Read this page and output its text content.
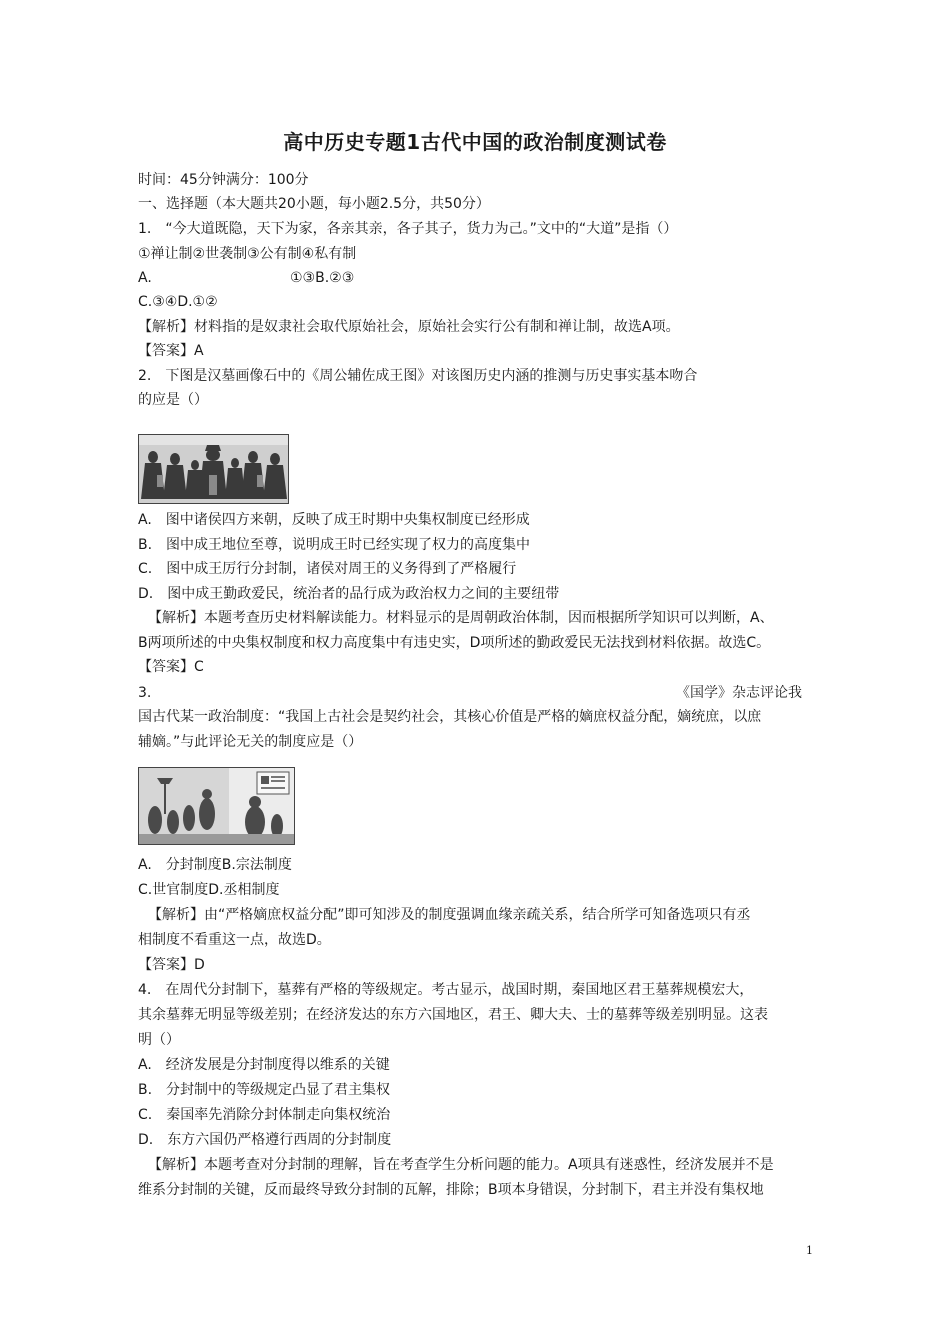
高中历史专题1古代中国的政治制度测试卷
时间：45分钟满分：100分
一、选择题（本大题共20小题，每小题2.5分，共50分）
1.　“今大道既隐，天下为家，各亲其亲，各子其子，货力为己。”文中的“大道”是指（）
①禅让制②世袭制③公有制④私有制
A.	①③B.②③
C.③④D.①②
【解析】材料指的是奴隶社会取代原始社会，原始社会实行公有制和禅让制，故选A项。
【答案】A
2.　下图是汉墓画像石中的《周公辅佐成王图》对该图历史内涵的推测与历史事实基本吻合
的应是（）
A.　图中诸侯四方来朝，反映了成王时期中央集权制度已经形成
B.　图中成王地位至尊，说明成王时已经实现了权力的高度集中
C.　图中成王厉行分封制，诸侯对周王的义务得到了严格履行
D.　图中成王勤政爱民，统治者的品行成为政治权力之间的主要纽带
【解析】本题考查历史材料解读能力。材料显示的是周朝政治体制，因而根据所学知识可以判断，A、
B两项所述的中央集权制度和权力高度集中有违史实，D项所述的勤政爱民无法找到材料依据。故选C。
【答案】C
3.	《国学》杂志评论我
国古代某一政治制度：“我国上古社会是契约社会，其核心价值是严格的嫡庶权益分配，嫡统庶，以庶
辅嫡。”与此评论无关的制度应是（）
A.　分封制度B.宗法制度
C.世官制度D.丞相制度
【解析】由“严格嫡庶权益分配”即可知涉及的制度强调血缘亲疏关系，结合所学可知备选项只有丞
相制度不看重这一点，故选D。
【答案】D
4.　在周代分封制下，墓葬有严格的等级规定。考古显示，战国时期，秦国地区君王墓葬规模宏大，
其余墓葬无明显等级差别；在经济发达的东方六国地区，君王、卿大夫、士的墓葬等级差别明显。这表
明（）
A.　经济发展是分封制度得以维系的关键
B.　分封制中的等级规定凸显了君主集权
C.　秦国率先消除分封体制走向集权统治
D.　东方六国仍严格遵行西周的分封制度
【解析】本题考查对分封制的理解，旨在考查学生分析问题的能力。A项具有迷惑性，经济发展并不是
维系分封制的关键，反而最终导致分封制的瓦解，排除；B项本身错误，分封制下，君主并没有集权地
1
